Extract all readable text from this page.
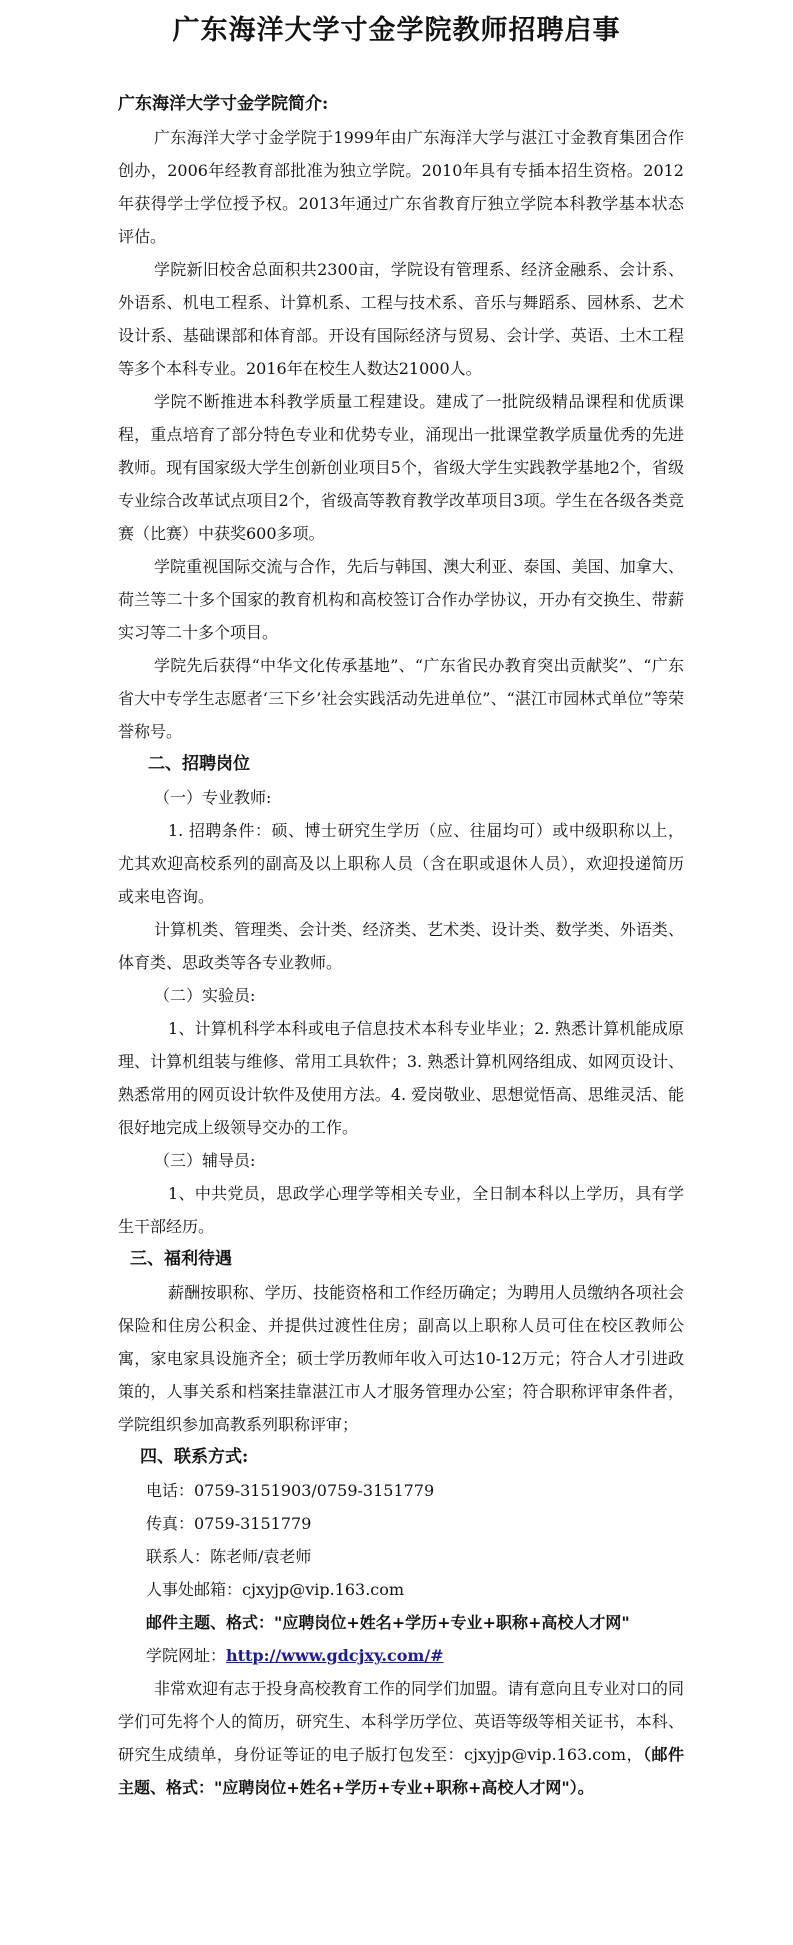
广东海洋大学寸金学院教师招聘启事

广东海洋大学寸金学院简介:

广东海洋大学寸金学院于1999年由广东海洋大学与湛江寸金教育集团合作创办，2006年经教育部批准为独立学院。2010年具有专插本招生资格。2012年获得学士学位授予权。2013年通过广东省教育厅独立学院本科教学基本状态评估。

学院新旧校舍总面积共2300亩，学院设有管理系、经济金融系、会计系、外语系、机电工程系、计算机系、工程与技术系、音乐与舞蹈系、园林系、艺术设计系、基础课部和体育部。开设有国际经济与贸易、会计学、英语、土木工程等多个本科专业。2016年在校生人数达21000人。

学院不断推进本科教学质量工程建设。建成了一批院级精品课程和优质课程，重点培育了部分特色专业和优势专业，涌现出一批课堂教学质量优秀的先进教师。现有国家级大学生创新创业项目5个，省级大学生实践教学基地2个，省级专业综合改革试点项目2个，省级高等教育教学改革项目3项。学生在各级各类竞赛（比赛）中获奖600多项。

学院重视国际交流与合作，先后与韩国、澳大利亚、泰国、美国、加拿大、荷兰等二十多个国家的教育机构和高校签订合作办学协议，开办有交换生、带薪实习等二十多个项目。

学院先后获得“中华文化传承基地”、“广东省民办教育突出贡献奖”、“广东省大中专学生志愿者‘三下乡’社会实践活动先进单位”、“湛江市园林式单位”等荣誉称号。

二、招聘岗位

（一）专业教师:

1. 招聘条件：硕、博士研究生学历（应、往届均可）或中级职称以上，尤其欢迎高校系列的副高及以上职称人员（含在职或退休人员），欢迎投递简历或来电咨询。

计算机类、管理类、会计类、经济类、艺术类、设计类、数学类、外语类、体育类、思政类等各专业教师。

（二）实验员:

1、计算机科学本科或电子信息技术本科专业毕业；2. 熟悉计算机能成原理、计算机组装与维修、常用工具软件；3. 熟悉计算机网络组成、如网页设计、熟悉常用的网页设计软件及使用方法。4. 爱岗敬业、思想觉悟高、思维灵活、能很好地完成上级领导交办的工作。

（三）辅导员:

1、中共党员，思政学心理学等相关专业，全日制本科以上学历，具有学生干部经历。

三、福利待遇

薪酬按职称、学历、技能资格和工作经历确定；为聘用人员缴纳各项社会保险和住房公积金、并提供过渡性住房；副高以上职称人员可住在校区教师公寓，家电家具设施齐全；硕士学历教师年收入可达10-12万元；符合人才引进政策的，人事关系和档案挂靠湛江市人才服务管理办公室；符合职称评审条件者，学院组织参加高教系列职称评审；

四、联系方式:

电话：0759-3151903/0759-3151779

传真：0759-3151779

联系人：陈老师/袁老师

人事处邮箱：cjxyjp@vip.163.com

邮件主题、格式："应聘岗位+姓名+学历+专业+职称+高校人才网"

学院网址：http://www.gdcjxy.com/#

非常欢迎有志于投身高校教育工作的同学们加盟。请有意向且专业对口的同学们可先将个人的简历，研究生、本科学历学位、英语等级等相关证书，本科、研究生成绩单，身份证等证的电子版打包发至：cjxyjp@vip.163.com，（邮件主题、格式："应聘岗位+姓名+学历+专业+职称+高校人才网"）。
